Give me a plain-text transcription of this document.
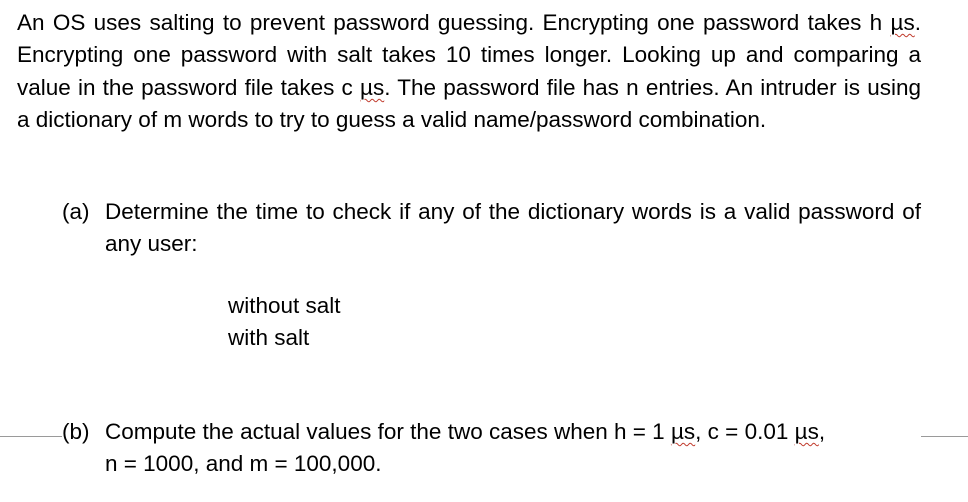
An OS uses salting to prevent password guessing. Encrypting one password takes h µs. Encrypting one password with salt takes 10 times longer. Looking up and comparing a value in the password file takes c µs. The password file has n entries. An intruder is using a dictionary of m words to try to guess a valid name/password combination.

(a) Determine the time to check if any of the dictionary words is a valid password of any user:
without salt
with salt
(b) Compute the actual values for the two cases when h = 1 µs, c = 0.01 µs,
n = 1000, and m = 100,000.
